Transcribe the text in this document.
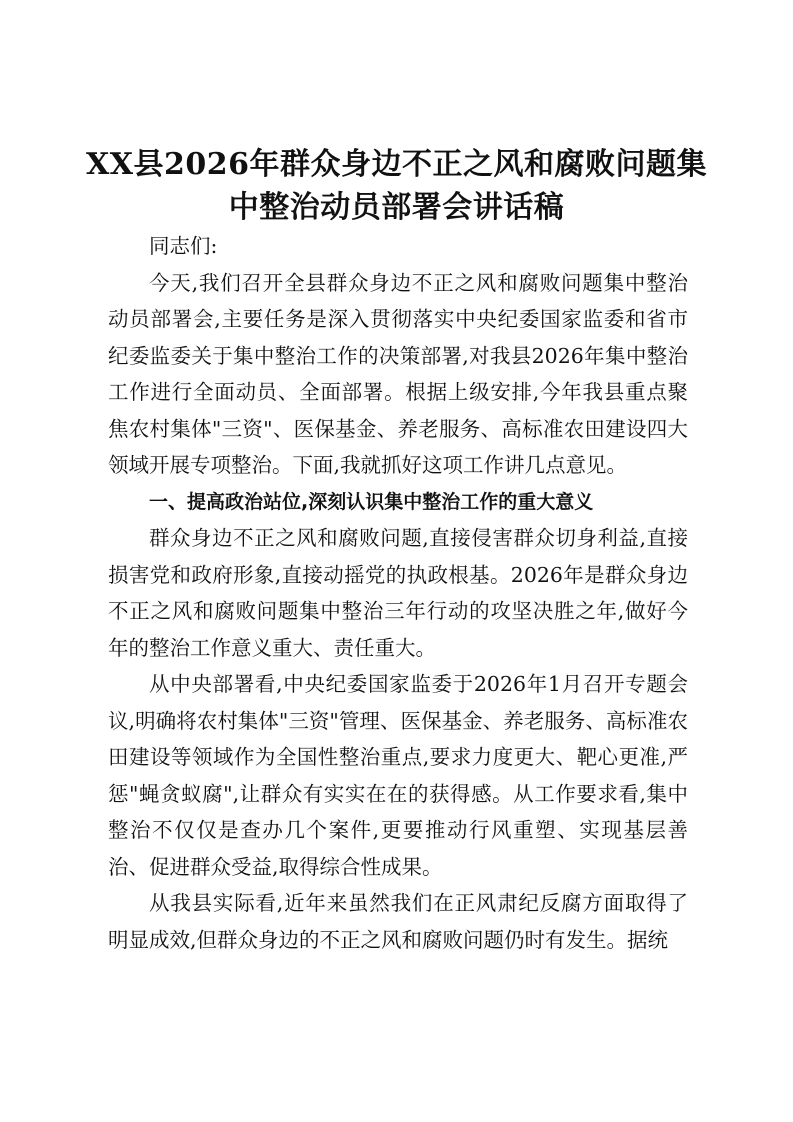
XX县2026年群众身边不正之风和腐败问题集中整治动员部署会讲话稿

同志们:

今天,我们召开全县群众身边不正之风和腐败问题集中整治动员部署会,主要任务是深入贯彻落实中央纪委国家监委和省市纪委监委关于集中整治工作的决策部署,对我县2026年集中整治工作进行全面动员、全面部署。根据上级安排,今年我县重点聚焦农村集体"三资"、医保基金、养老服务、高标准农田建设四大领域开展专项整治。下面,我就抓好这项工作讲几点意见。

一、提高政治站位,深刻认识集中整治工作的重大意义

群众身边不正之风和腐败问题,直接侵害群众切身利益,直接损害党和政府形象,直接动摇党的执政根基。2026年是群众身边不正之风和腐败问题集中整治三年行动的攻坚决胜之年,做好今年的整治工作意义重大、责任重大。

从中央部署看,中央纪委国家监委于2026年1月召开专题会议,明确将农村集体"三资"管理、医保基金、养老服务、高标准农田建设等领域作为全国性整治重点,要求力度更大、靶心更准,严惩"蝇贪蚁腐",让群众有实实在在的获得感。从工作要求看,集中整治不仅仅是查办几个案件,更要推动行风重塑、实现基层善治、促进群众受益,取得综合性成果。

从我县实际看,近年来虽然我们在正风肃纪反腐方面取得了明显成效,但群众身边的不正之风和腐败问题仍时有发生。据统
